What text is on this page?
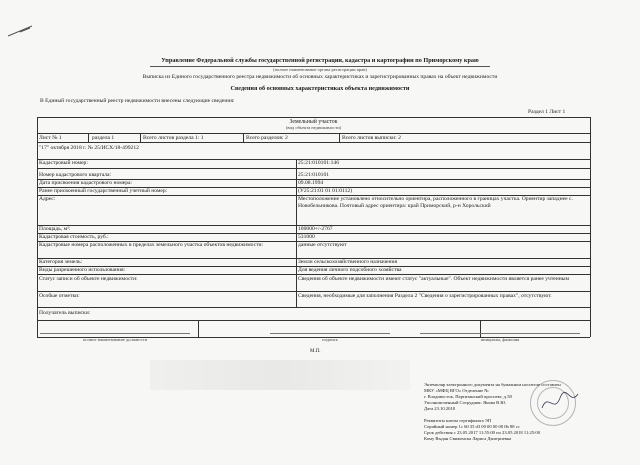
Управление Федеральной службы государственной регистрации, кадастра и картографии по Приморскому краю
(полное наименование органа регистрации прав)
Выписка из Единого государственного реестра недвижимости об основных характеристиках и зарегистрированных правах на объект недвижимости
Сведения об основных характеристиках объекта недвижимости
В Единый государственный реестр недвижимости внесены следующие сведения:
Раздел 1 Лист 1
Земельный участок
(вид объекта недвижимости)
Лист № 1	раздела 1	Всего листов раздела 1: 1	Всего разделов: 2	Всего листов выписки: 2
"17" октября 2018 г. № 25/ИСХ/18-499212
Кадастровый номер:	25:21:010101:146
Номер кадастрового квартала:	25:21:010101
Дата присвоения кадастрового номера:	09.08.1994
Ранее присвоенный государственный учетный номер:	(У25:21:01 01 01:0112)
Адрес:	Местоположение установлено относительно ориентира, расположенного в границах участка. Ориентир западнее с. Новобельникова. Почтовый адрес ориентира: край Приморский, р-н Хорольский
Площадь, м²:	100000+/-2767
Кадастровая стоимость, руб.:	531000
Кадастровые номера расположенных в пределах земельного участка объектов недвижимости:	данные отсутствуют
Категория земель:	Земли сельскохозяйственного назначения
Виды разрешенного использования:	Для ведения личного подсобного хозяйства
Статус записи об объекте недвижимости:	Сведения об объекте недвижимости имеют статус "актуальные". Объект недвижимости является ранее учтенным
Особые отметки:	Сведения, необходимые для заполнения Раздела 2 "Сведения о зарегистрированных правах", отсутствуют.
Получатель выписки:
полное наименование должности	подпись	инициалы, фамилия
М.П.
Экземпляр электронного документа на бумажном носителе составлен
МКУ «МФЦ ВГО» Отделение №
г. Владивосток, Партизанский проспект, д.58
Уполномоченный Сотрудник: Янова В.Ю.
Дата 23.10.2018
Реквизиты ключа сертификата ЭП
Серийный номер 1c 60 35 d3 00 00 00 00 0b 88 cc
Срок действия с 23.05.2017 11:55:00 по 23.05.2018 11:25:00
Кому Выдан Свиженска Лариса Дмитриевна
